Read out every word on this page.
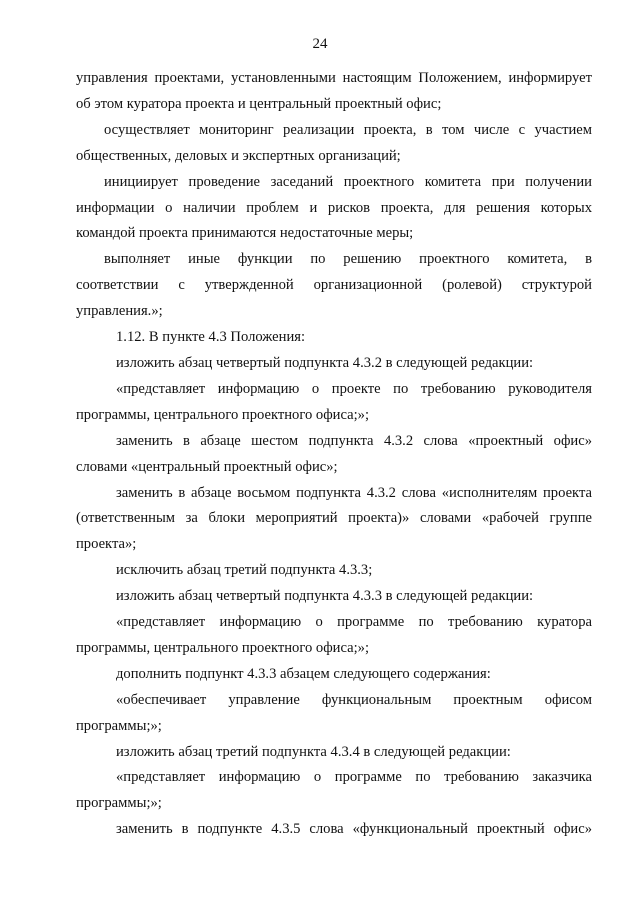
24

управления проектами, установленными настоящим Положением, информирует

об этом куратора проекта и центральный проектный офис;

осуществляет мониторинг реализации проекта, в том числе с участием

общественных, деловых и экспертных организаций;

инициирует проведение заседаний проектного комитета при получении

информации о наличии проблем и рисков проекта, для решения которых

командой проекта принимаются недостаточные меры;

выполняет иные функции по решению проектного комитета, в

соответствии с утвержденной организационной (ролевой) структурой

управления.»;

1.12. В пункте 4.3 Положения:

изложить абзац четвертый подпункта 4.3.2 в следующей редакции:

«представляет информацию о проекте по требованию руководителя

программы, центрального проектного офиса;»;

заменить в абзаце шестом подпункта 4.3.2 слова «проектный офис»

словами «центральный проектный офис»;

заменить в абзаце восьмом подпункта 4.3.2 слова «исполнителям проекта

(ответственным за блоки мероприятий проекта)» словами «рабочей группе

проекта»;

исключить абзац третий подпункта 4.3.3;

изложить абзац четвертый подпункта 4.3.3 в следующей редакции:

«представляет информацию о программе по требованию куратора

программы, центрального проектного офиса;»;

дополнить подпункт 4.3.3 абзацем следующего содержания:

«обеспечивает управление функциональным проектным офисом

программы;»;

изложить абзац третий подпункта 4.3.4 в следующей редакции:

«представляет информацию о программе по требованию заказчика

программы;»;

заменить в подпункте 4.3.5 слова «функциональный проектный офис»
